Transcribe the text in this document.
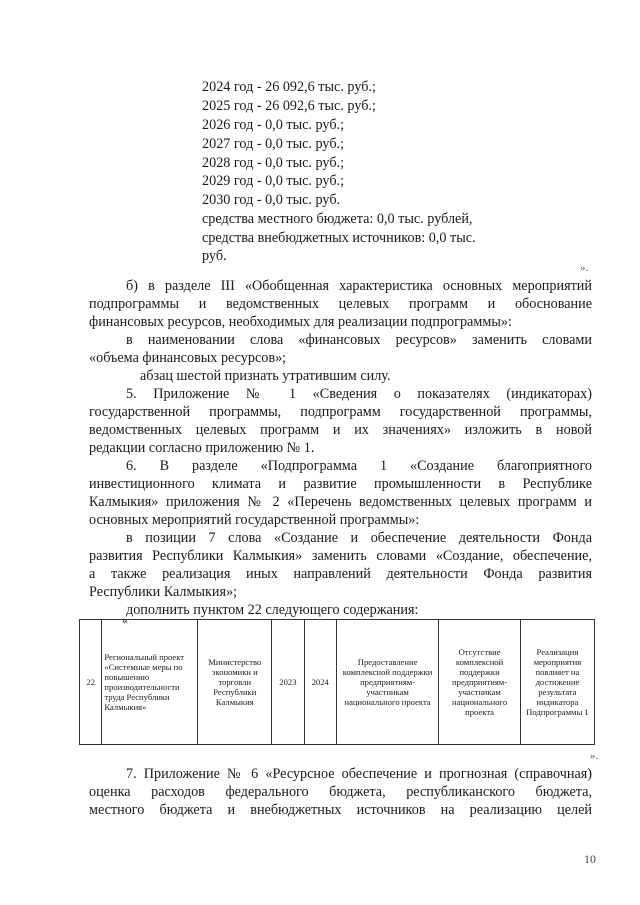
2024 год - 26 092,6 тыс. руб.;
2025 год - 26 092,6 тыс. руб.;
2026 год - 0,0 тыс. руб.;
2027 год - 0,0 тыс. руб.;
2028 год - 0,0 тыс. руб.;
2029 год - 0,0 тыс. руб.;
2030 год - 0,0 тыс. руб.
средства местного бюджета: 0,0 тыс. рублей,
средства внебюджетных источников: 0,0 тыс.
руб.
».
б) в разделе III «Обобщенная характеристика основных мероприятий
подпрограммы и ведомственных целевых программ и обоснование
финансовых ресурсов, необходимых для реализации подпрограммы»:
в наименовании слова «финансовых ресурсов» заменить словами
«объема финансовых ресурсов»;
абзац шестой признать утратившим силу.
5. Приложение № 1 «Сведения о показателях (индикаторах)
государственной программы, подпрограмм государственной программы,
ведомственных целевых программ и их значениях» изложить в новой
редакции согласно приложению № 1.
6. В разделе «Подпрограмма 1 «Создание благоприятного
инвестиционного климата и развитие промышленности в Республике
Калмыкия» приложения № 2 «Перечень ведомственных целевых программ и
основных мероприятий государственной программы»:
в позиции 7 слова «Создание и обеспечение деятельности Фонда
развития Республики Калмыкия» заменить словами «Создание, обеспечение,
а также реализация иных направлений деятельности Фонда развития
Республики Калмыкия»;
дополнить пунктом 22 следующего содержания:
«
22	Региональный проект «Системные меры по повышению производительности труда Республики Калмыкия»	Министерство экономики и торговли Республики Калмыкия	2023	2024	Предоставление комплексной поддержки предприятиям-участникам национального проекта	Отсутствие комплексной поддержки предприятиям-участникам национального проекта	Реализация мероприятия повлияет на достижение результата индикатора Подпрограммы 1
».
7. Приложение № 6 «Ресурсное обеспечение и прогнозная (справочная)
оценка расходов федерального бюджета, республиканского бюджета,
местного бюджета и внебюджетных источников на реализацию целей
10
